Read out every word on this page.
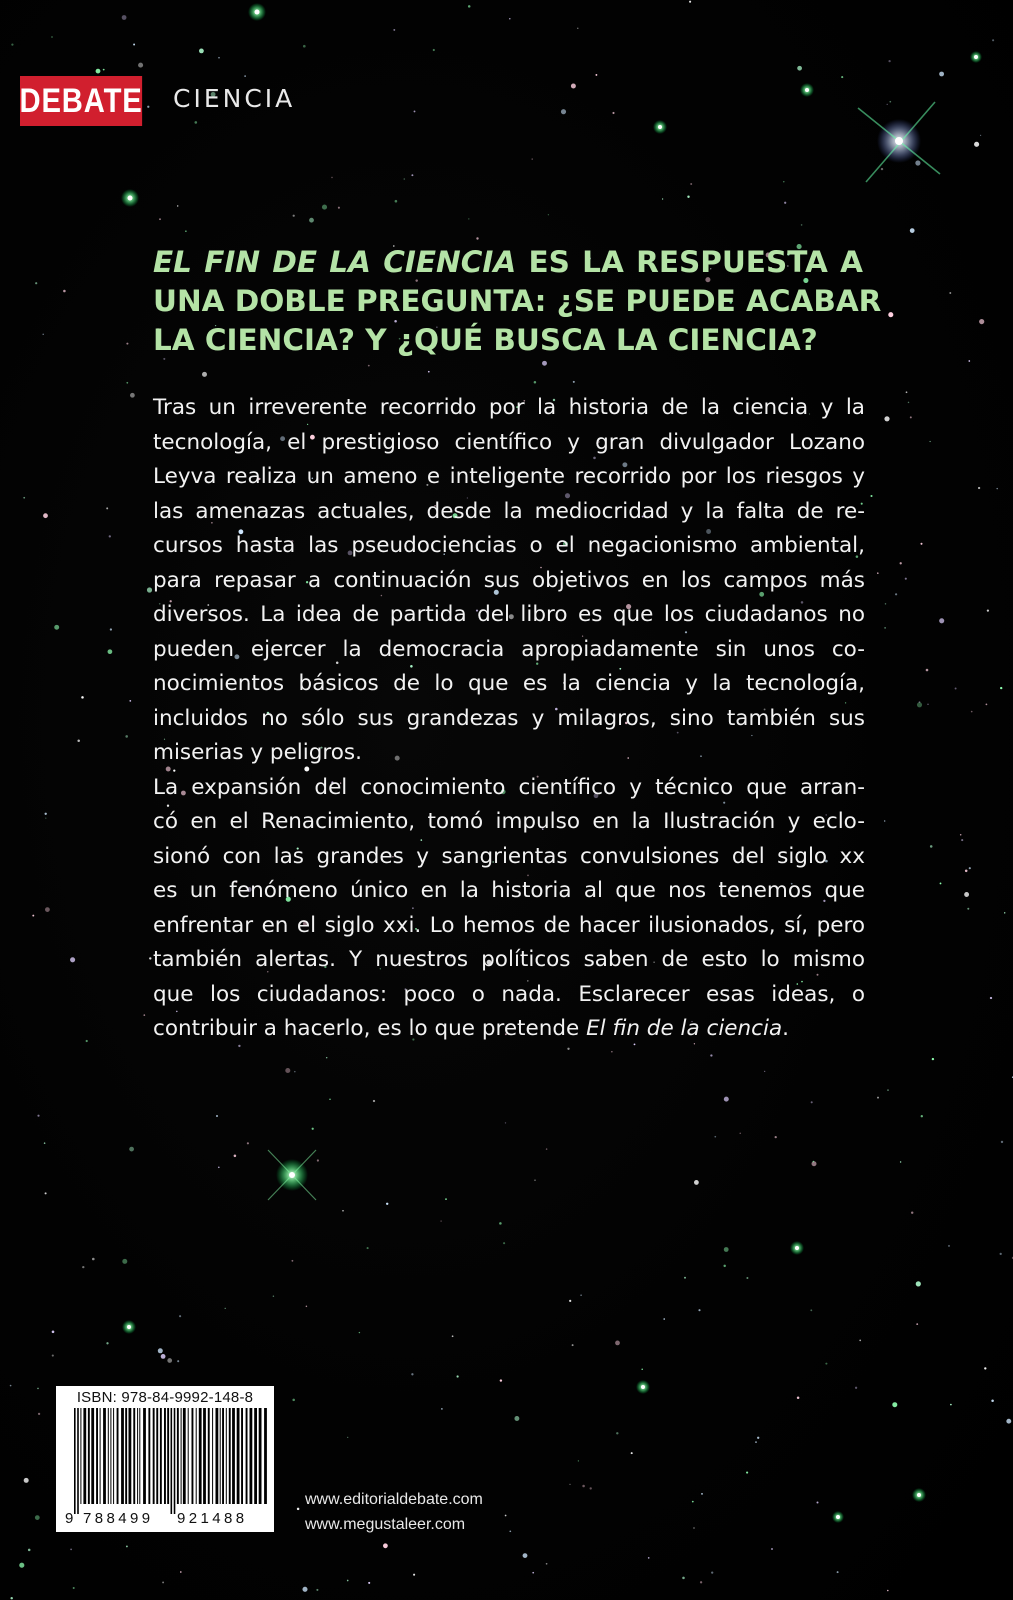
DEBATE CIENCIA
EL FIN DE LA CIENCIA ES LA RESPUESTA A
UNA DOBLE PREGUNTA: ¿SE PUEDE ACABAR
LA CIENCIA? Y ¿QUÉ BUSCA LA CIENCIA?
Tras un irreverente recorrido por la historia de la ciencia y la
tecnología, el prestigioso científico y gran divulgador Lozano
Leyva realiza un ameno e inteligente recorrido por los riesgos y
las amenazas actuales, desde la mediocridad y la falta de re-
cursos hasta las pseudociencias o el negacionismo ambiental,
para repasar a continuación sus objetivos en los campos más
diversos. La idea de partida del libro es que los ciudadanos no
pueden ejercer la democracia apropiadamente sin unos co-
nocimientos básicos de lo que es la ciencia y la tecnología,
incluidos no sólo sus grandezas y milagros, sino también sus
miserias y peligros.
La expansión del conocimiento científico y técnico que arran-
có en el Renacimiento, tomó impulso en la Ilustración y eclo-
sionó con las grandes y sangrientas convulsiones del siglo xx
es un fenómeno único en la historia al que nos tenemos que
enfrentar en el siglo xxi. Lo hemos de hacer ilusionados, sí, pero
también alertas. Y nuestros políticos saben de esto lo mismo
que los ciudadanos: poco o nada. Esclarecer esas ideas, o
contribuir a hacerlo, es lo que pretende El fin de la ciencia.
ISBN: 978-84-9992-148-8
9 788499 921488
www.editorialdebate.com
www.megustaleer.com
